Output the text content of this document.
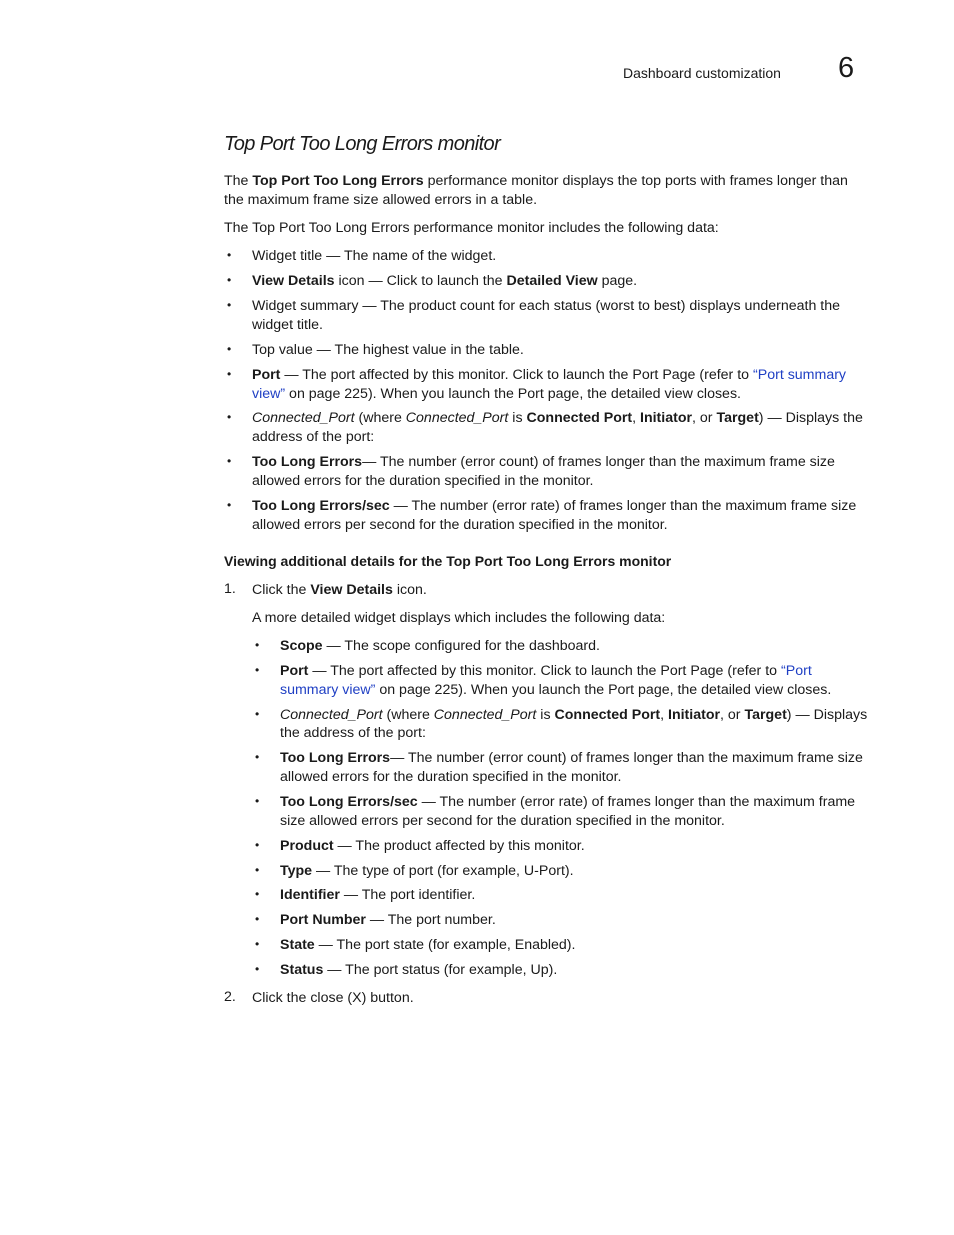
Dashboard customization 6
Top Port Too Long Errors monitor
The Top Port Too Long Errors performance monitor displays the top ports with frames longer than
the maximum frame size allowed errors in a table.
The Top Port Too Long Errors performance monitor includes the following data:
• Widget title — The name of the widget.
• View Details icon — Click to launch the Detailed View page.
• Widget summary — The product count for each status (worst to best) displays underneath the
widget title.
• Top value — The highest value in the table.
• Port — The port affected by this monitor. Click to launch the Port Page (refer to “Port summary
view” on page 225). When you launch the Port page, the detailed view closes.
• Connected_Port (where Connected_Port is Connected Port, Initiator, or Target) — Displays the
address of the port:
• Too Long Errors— The number (error count) of frames longer than the maximum frame size
allowed errors for the duration specified in the monitor.
• Too Long Errors/sec — The number (error rate) of frames longer than the maximum frame size
allowed errors per second for the duration specified in the monitor.
Viewing additional details for the Top Port Too Long Errors monitor
1. Click the View Details icon.
A more detailed widget displays which includes the following data:
• Scope — The scope configured for the dashboard.
• Port — The port affected by this monitor. Click to launch the Port Page (refer to “Port
summary view” on page 225). When you launch the Port page, the detailed view closes.
• Connected_Port (where Connected_Port is Connected Port, Initiator, or Target) — Displays
the address of the port:
• Too Long Errors— The number (error count) of frames longer than the maximum frame size
allowed errors for the duration specified in the monitor.
• Too Long Errors/sec — The number (error rate) of frames longer than the maximum frame
size allowed errors per second for the duration specified in the monitor.
• Product — The product affected by this monitor.
• Type — The type of port (for example, U-Port).
• Identifier — The port identifier.
• Port Number — The port number.
• State — The port state (for example, Enabled).
• Status — The port status (for example, Up).
2. Click the close (X) button.
